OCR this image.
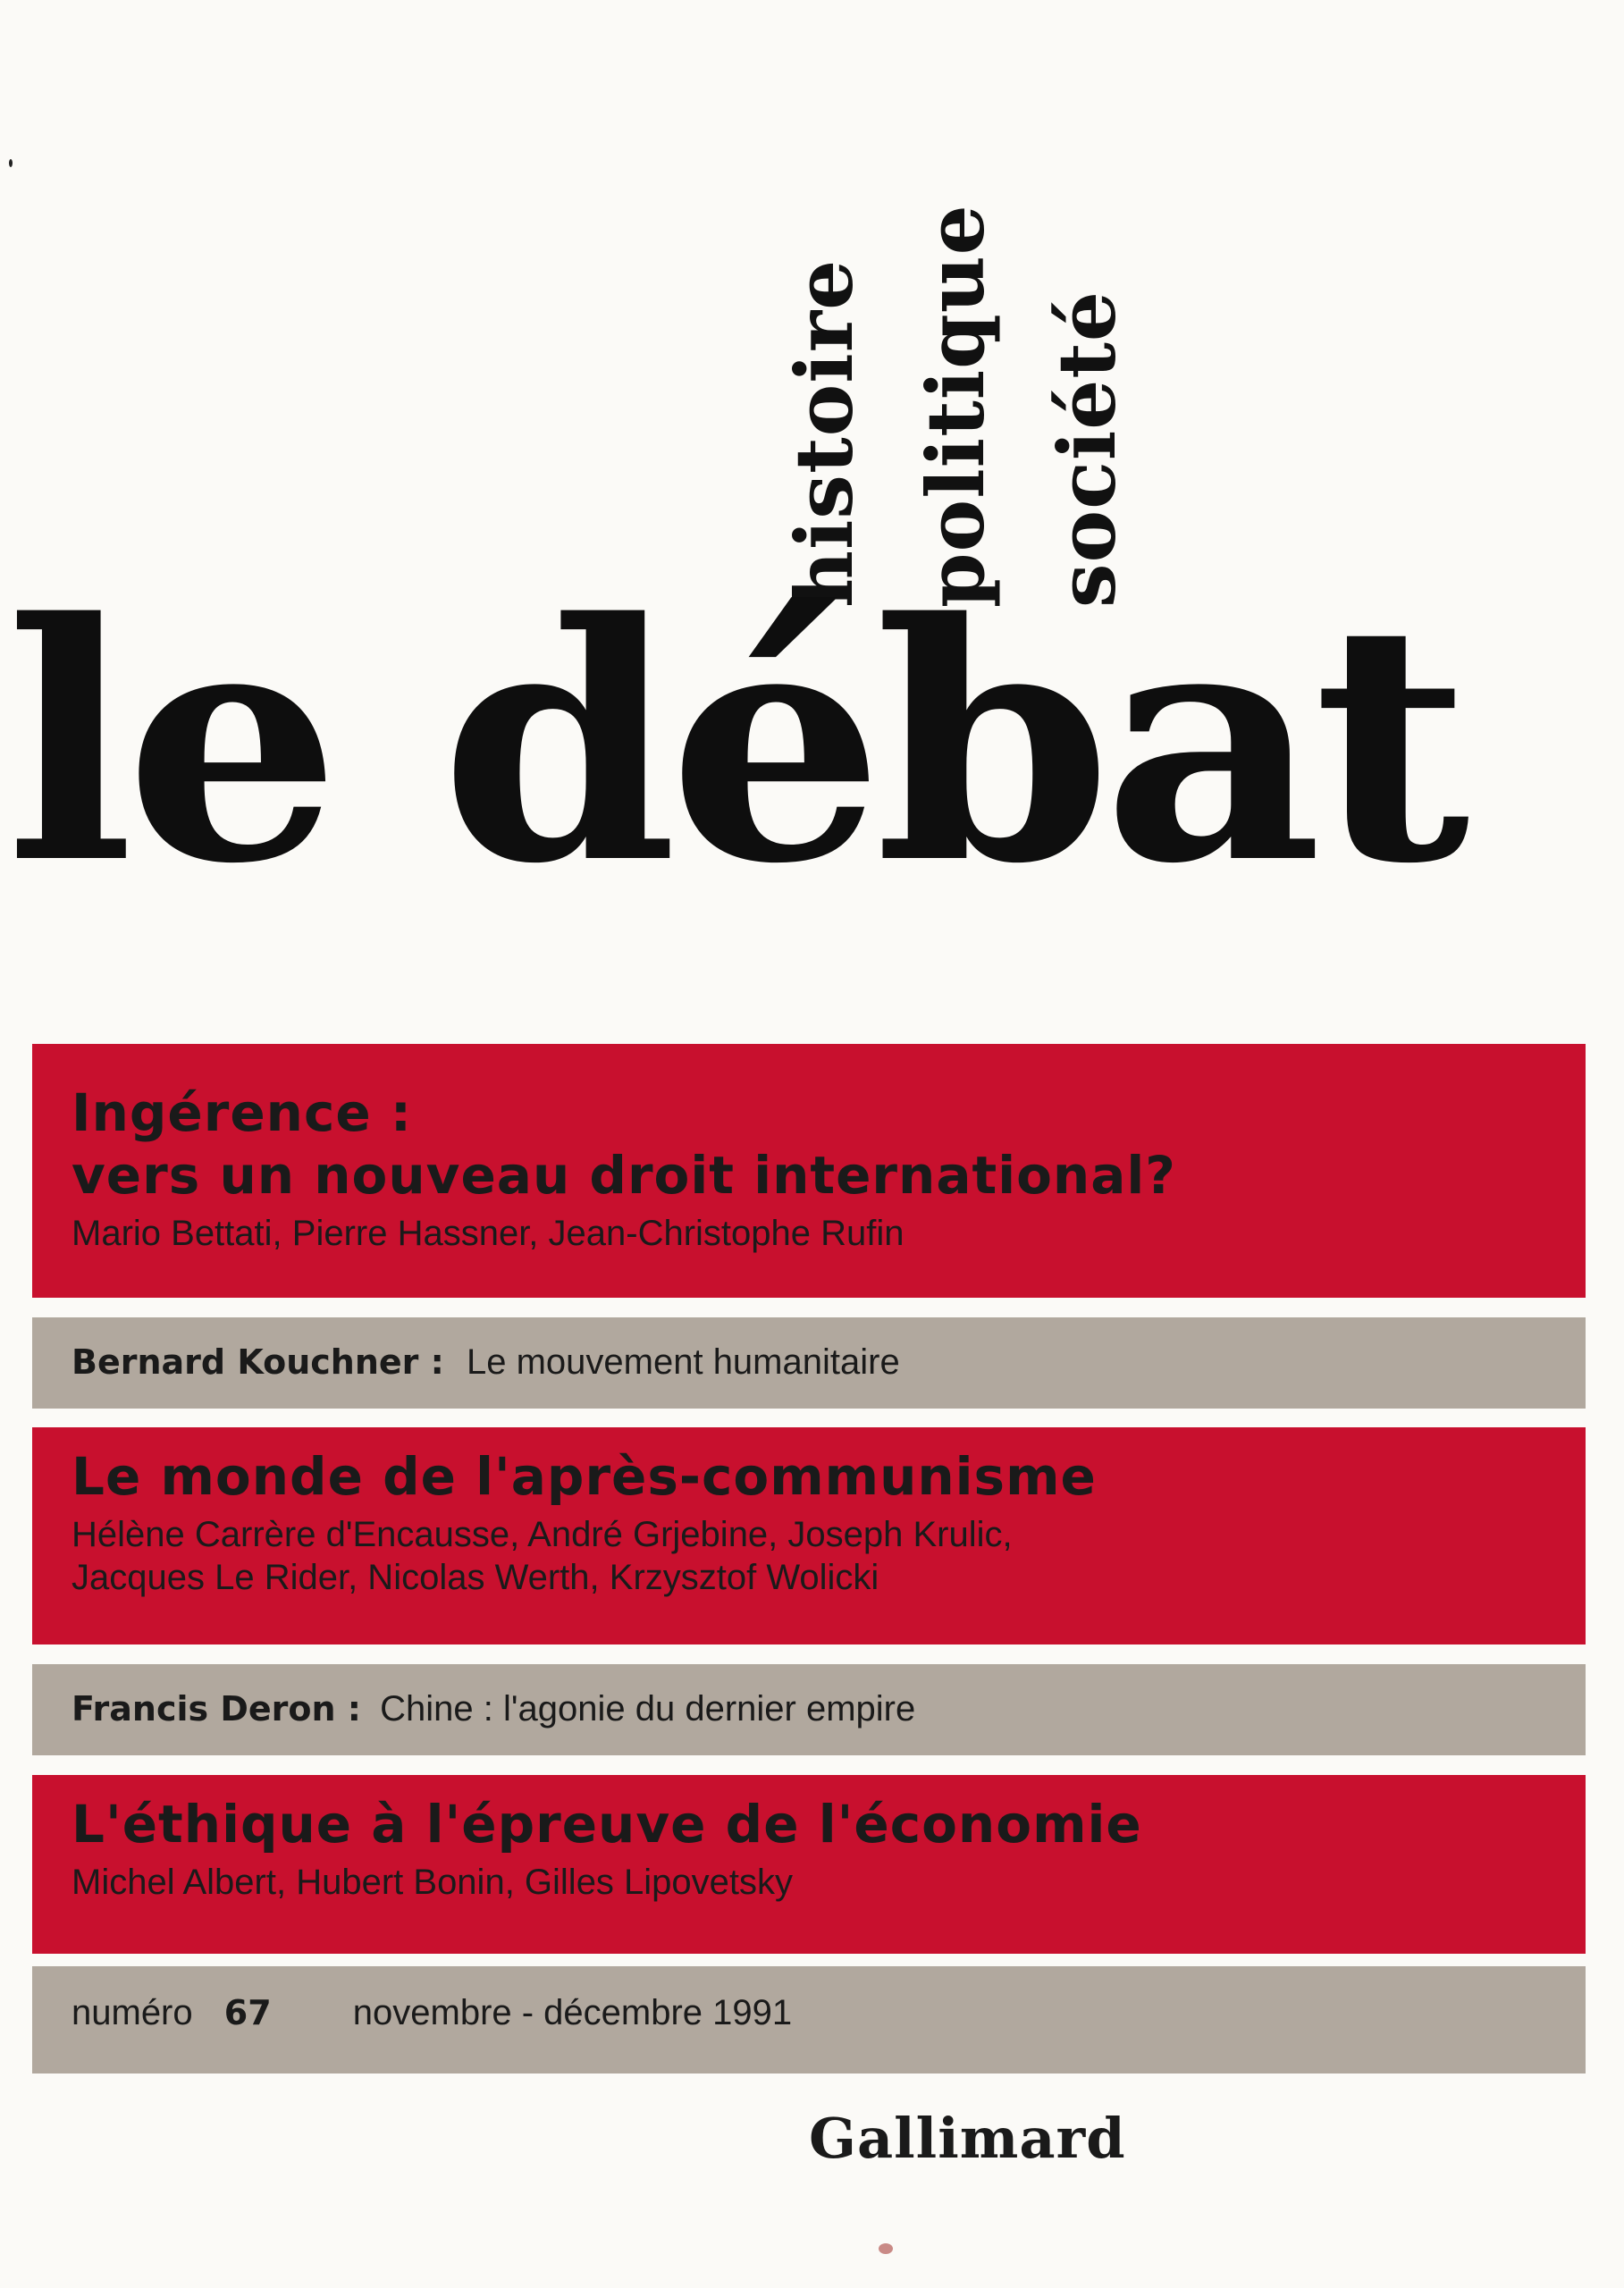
histoire politique société
le débat
Ingérence :
vers un nouveau droit international?
Mario Bettati, Pierre Hassner, Jean-Christophe Rufin
Bernard Kouchner : Le mouvement humanitaire
Le monde de l'après-communisme
Hélène Carrère d'Encausse, André Grjebine, Joseph Krulic,
Jacques Le Rider, Nicolas Werth, Krzysztof Wolicki
Francis Deron : Chine : l'agonie du dernier empire
L'éthique à l'épreuve de l'économie
Michel Albert, Hubert Bonin, Gilles Lipovetsky
numéro 67 novembre - décembre 1991
Gallimard
